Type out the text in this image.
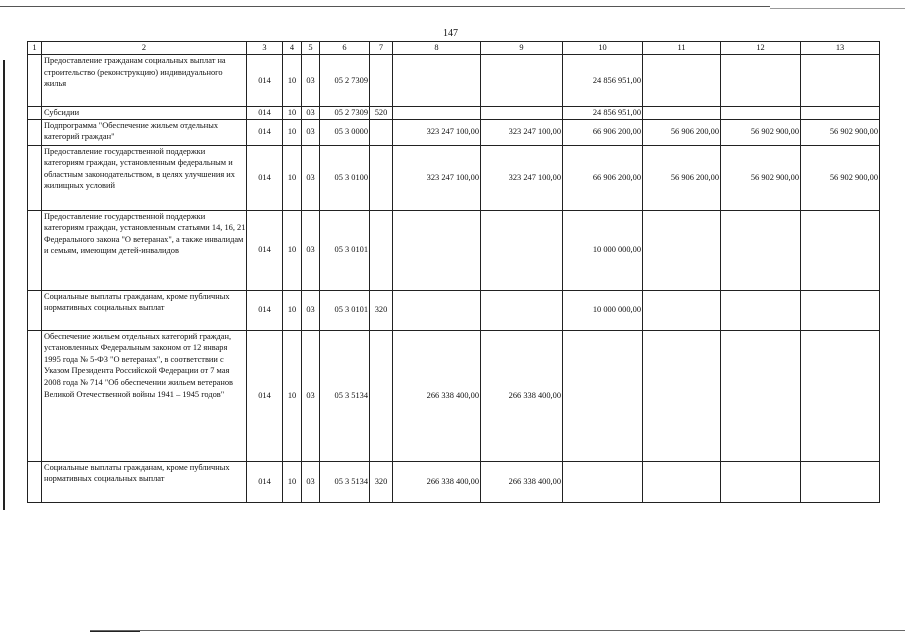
147
1	2	3	4	5	6	7	8	9	10	11	12	13
	Предоставление гражданам социальных выплат на строительство (реконструкцию) индивидуального жилья	014	10	03	05 2 7309				24 856 951,00			
	Субсидии	014	10	03	05 2 7309	520			24 856 951,00			
	Подпрограмма "Обеспечение жильем отдельных категорий граждан"	014	10	03	05 3 0000		323 247 100,00	323 247 100,00	66 906 200,00	56 906 200,00	56 902 900,00	56 902 900,00
	Предоставление государственной поддержки категориям граждан, установленным федеральным и областным законодательством, в целях улучшения их жилищных условий	014	10	03	05 3 0100		323 247 100,00	323 247 100,00	66 906 200,00	56 906 200,00	56 902 900,00	56 902 900,00
	Предоставление государственной поддержки категориям граждан, установленным статьями 14, 16, 21 Федерального закона "О ветеранах", а также инвалидам и семьям, имеющим детей-инвалидов	014	10	03	05 3 0101				10 000 000,00			
	Социальные выплаты гражданам, кроме публичных нормативных социальных выплат	014	10	03	05 3 0101	320			10 000 000,00			
	Обеспечение жильем отдельных категорий граждан, установленных Федеральным законом от 12 января 1995 года № 5-ФЗ "О ветеранах", в соответствии с Указом Президента Российской Федерации от 7 мая 2008 года № 714 "Об обеспечении жильем ветеранов Великой Отечественной войны 1941 – 1945 годов"	014	10	03	05 3 5134		266 338 400,00	266 338 400,00				
	Социальные выплаты гражданам, кроме публичных нормативных социальных выплат	014	10	03	05 3 5134	320	266 338 400,00	266 338 400,00				
